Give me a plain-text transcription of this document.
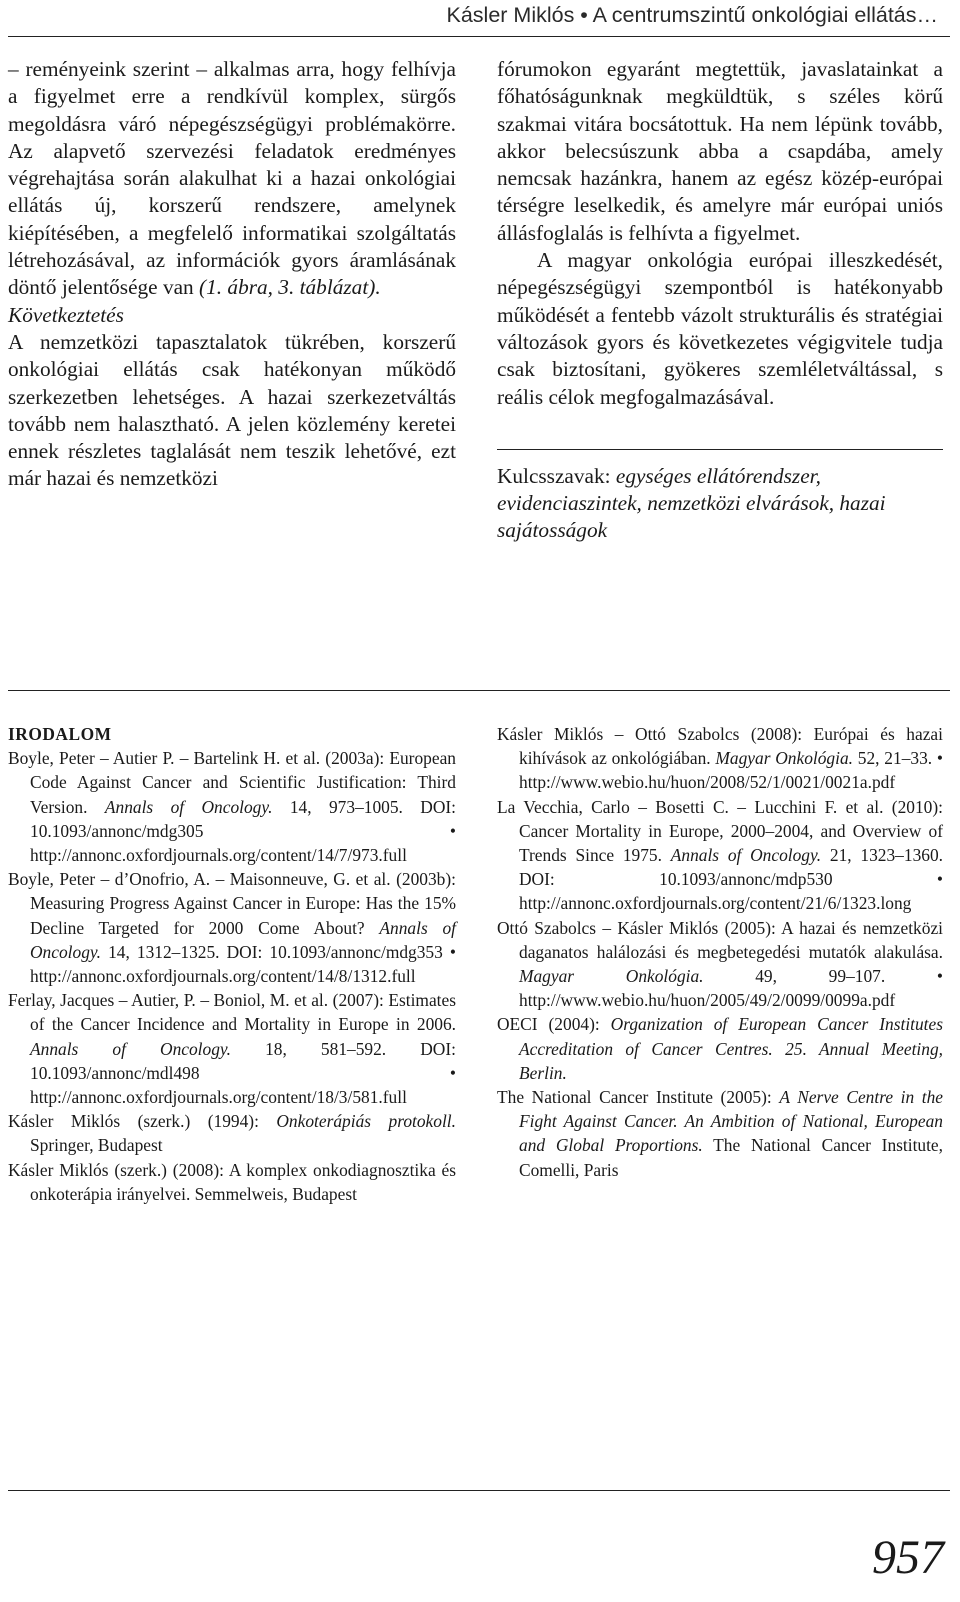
Kásler Miklós • A centrumszintű onkológiai ellátás…

– reményeink szerint – alkalmas arra, hogy felhívja a figyelmet erre a rendkívül komplex, sürgős megoldásra váró népegészségügyi problémakörre. Az alapvető szervezési feladatok eredményes végrehajtása során alakulhat ki a hazai onkológiai ellátás új, korszerű rendszere, amelynek kiépítésében, a megfelelő informatikai szolgáltatás létrehozásával, az információk gyors áramlásának döntő jelentősége van (1. ábra, 3. táblázat).

Következtetés

A nemzetközi tapasztalatok tükrében, korszerű onkológiai ellátás csak hatékonyan működő szerkezetben lehetséges. A hazai szerkezetváltás tovább nem halasztható. A jelen közlemény keretei ennek részletes taglalását nem teszik lehetővé, ezt már hazai és nemzetközi

fórumokon egyaránt megtettük, javaslatainkat a főhatóságunknak megküldtük, s széles körű szakmai vitára bocsátottuk. Ha nem lépünk tovább, akkor belecsúszunk abba a csapdába, amely nemcsak hazánkra, hanem az egész közép-európai térségre leselkedik, és amelyre már európai uniós állásfoglalás is felhívta a figyelmet.

A magyar onkológia európai illeszkedését, népegészségügyi szempontból is hatékonyabb működését a fentebb vázolt strukturális és stratégiai változások gyors és következetes végigvitele tudja csak biztosítani, gyökeres szemléletváltással, s reális célok megfogalmazásával.

Kulcsszavak: egységes ellátórendszer, evidenciaszintek, nemzetközi elvárások, hazai sajátosságok

IRODALOM

Boyle, Peter – Autier P. – Bartelink H. et al. (2003a): European Code Against Cancer and Scientific Justification: Third Version. Annals of Oncology. 14, 973–1005. DOI: 10.1093/annonc/mdg305 • http://annonc.oxfordjournals.org/content/14/7/973.full

Boyle, Peter – d’Onofrio, A. – Maisonneuve, G. et al. (2003b): Measuring Progress Against Cancer in Europe: Has the 15% Decline Targeted for 2000 Come About? Annals of Oncology. 14, 1312–1325. DOI: 10.1093/annonc/mdg353 • http://annonc.oxfordjournals.org/content/14/8/1312.full

Ferlay, Jacques – Autier, P. – Boniol, M. et al. (2007): Estimates of the Cancer Incidence and Mortality in Europe in 2006. Annals of Oncology. 18, 581–592. DOI: 10.1093/annonc/mdl498 • http://annonc.oxfordjournals.org/content/18/3/581.full

Kásler Miklós (szerk.) (1994): Onkoterápiás protokoll. Springer, Budapest

Kásler Miklós (szerk.) (2008): A komplex onkodiagnosztika és onkoterápia irányelvei. Semmelweis, Budapest

Kásler Miklós – Ottó Szabolcs (2008): Európai és hazai kihívások az onkológiában. Magyar Onkológia. 52, 21–33. • http://www.webio.hu/huon/2008/52/1/0021/0021a.pdf

La Vecchia, Carlo – Bosetti C. – Lucchini F. et al. (2010): Cancer Mortality in Europe, 2000–2004, and Overview of Trends Since 1975. Annals of Oncology. 21, 1323–1360. DOI: 10.1093/annonc/mdp530 • http://annonc.oxfordjournals.org/content/21/6/1323.long

Ottó Szabolcs – Kásler Miklós (2005): A hazai és nemzetközi daganatos halálozási és megbetegedési mutatók alakulása. Magyar Onkológia. 49, 99–107. • http://www.webio.hu/huon/2005/49/2/0099/0099a.pdf

OECI (2004): Organization of European Cancer Institutes Accreditation of Cancer Centres. 25. Annual Meeting, Berlin.

The National Cancer Institute (2005): A Nerve Centre in the Fight Against Cancer. An Ambition of National, European and Global Proportions. The National Cancer Institute, Comelli, Paris

957
